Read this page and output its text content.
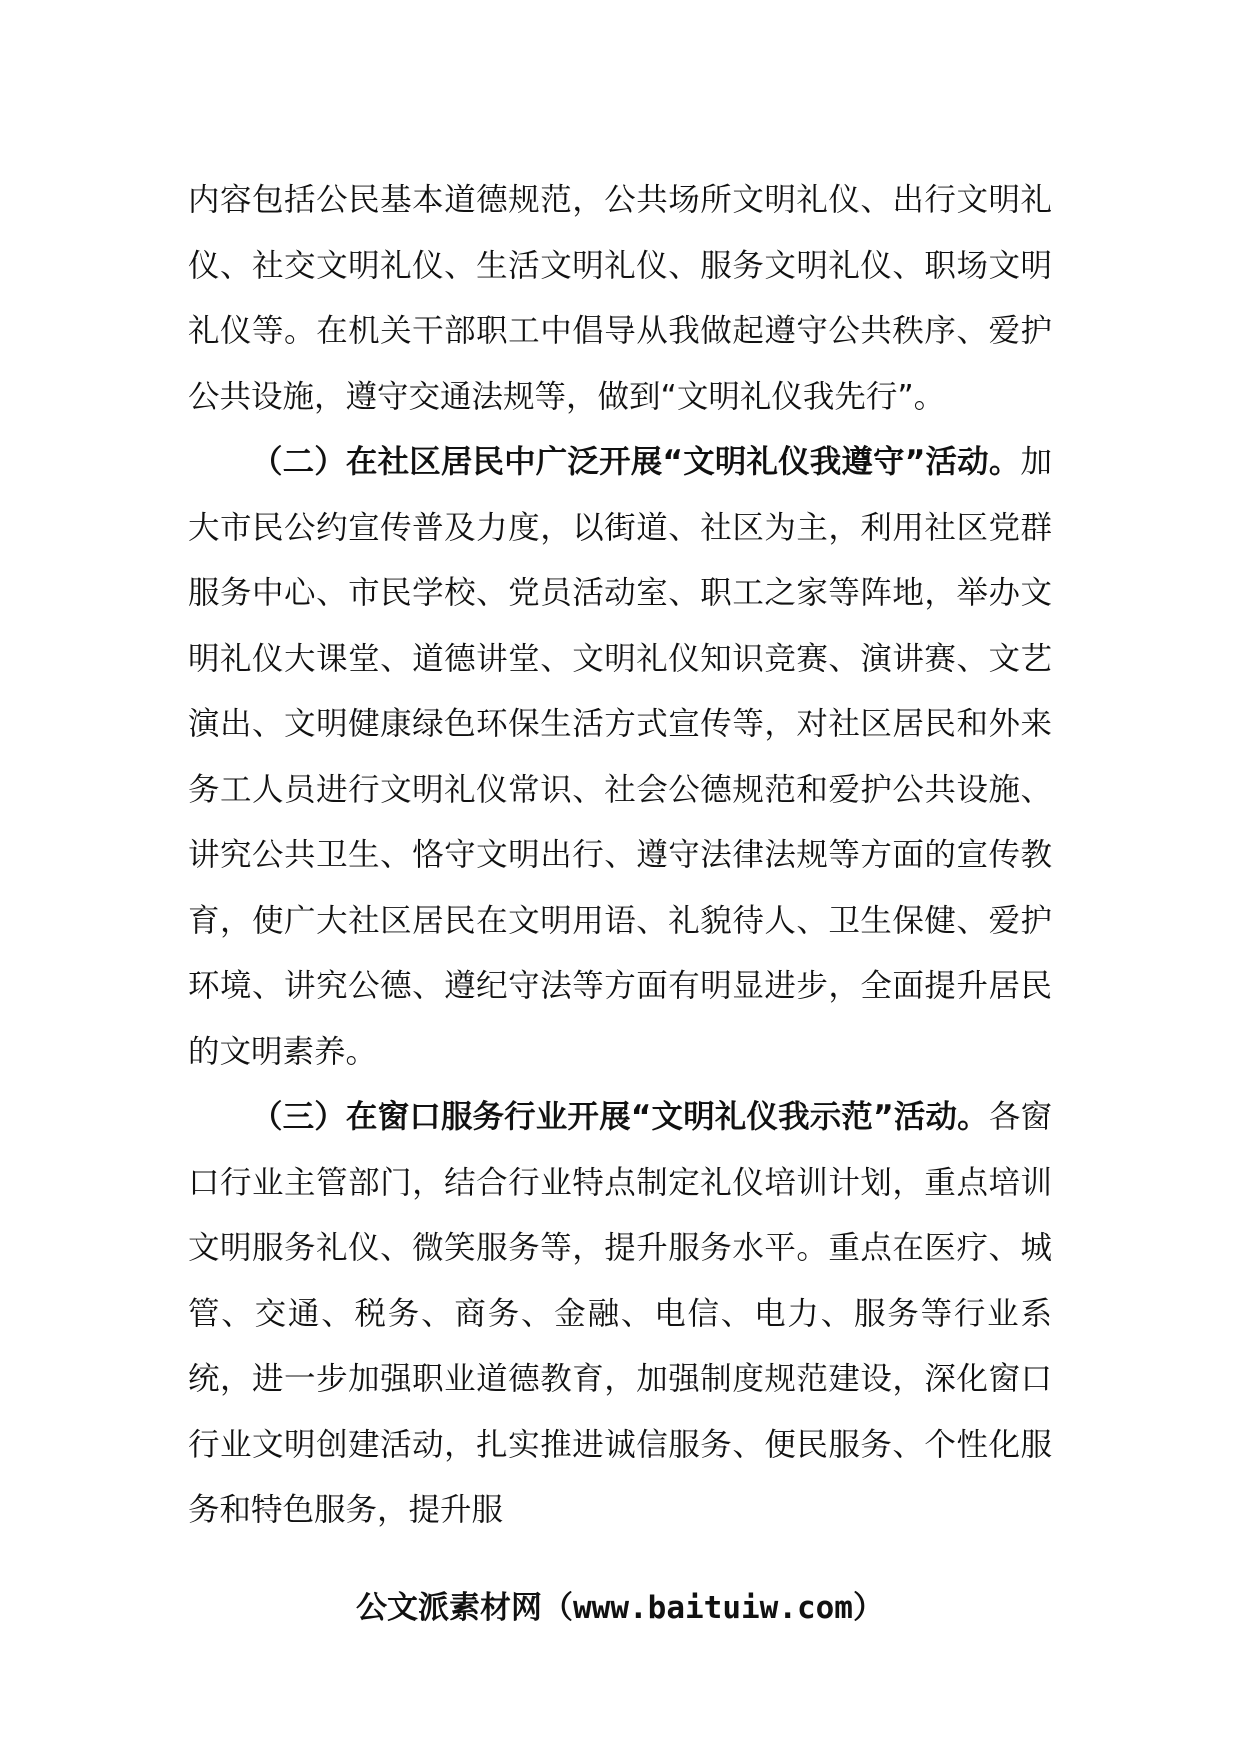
内容包括公民基本道德规范，公共场所文明礼仪、出行文明礼仪、社交文明礼仪、生活文明礼仪、服务文明礼仪、职场文明礼仪等。在机关干部职工中倡导从我做起遵守公共秩序、爱护公共设施，遵守交通法规等，做到“文明礼仪我先行”。

（二）在社区居民中广泛开展“文明礼仪我遵守”活动。加大市民公约宣传普及力度，以街道、社区为主，利用社区党群服务中心、市民学校、党员活动室、职工之家等阵地，举办文明礼仪大课堂、道德讲堂、文明礼仪知识竞赛、演讲赛、文艺演出、文明健康绿色环保生活方式宣传等，对社区居民和外来务工人员进行文明礼仪常识、社会公德规范和爱护公共设施、讲究公共卫生、恪守文明出行、遵守法律法规等方面的宣传教育，使广大社区居民在文明用语、礼貌待人、卫生保健、爱护环境、讲究公德、遵纪守法等方面有明显进步，全面提升居民的文明素养。

（三）在窗口服务行业开展“文明礼仪我示范”活动。各窗口行业主管部门，结合行业特点制定礼仪培训计划，重点培训文明服务礼仪、微笑服务等，提升服务水平。重点在医疗、城管、交通、税务、商务、金融、电信、电力、服务等行业系统，进一步加强职业道德教育，加强制度规范建设，深化窗口行业文明创建活动，扎实推进诚信服务、便民服务、个性化服务和特色服务，提升服

公文派素材网（www.baituiw.com）
